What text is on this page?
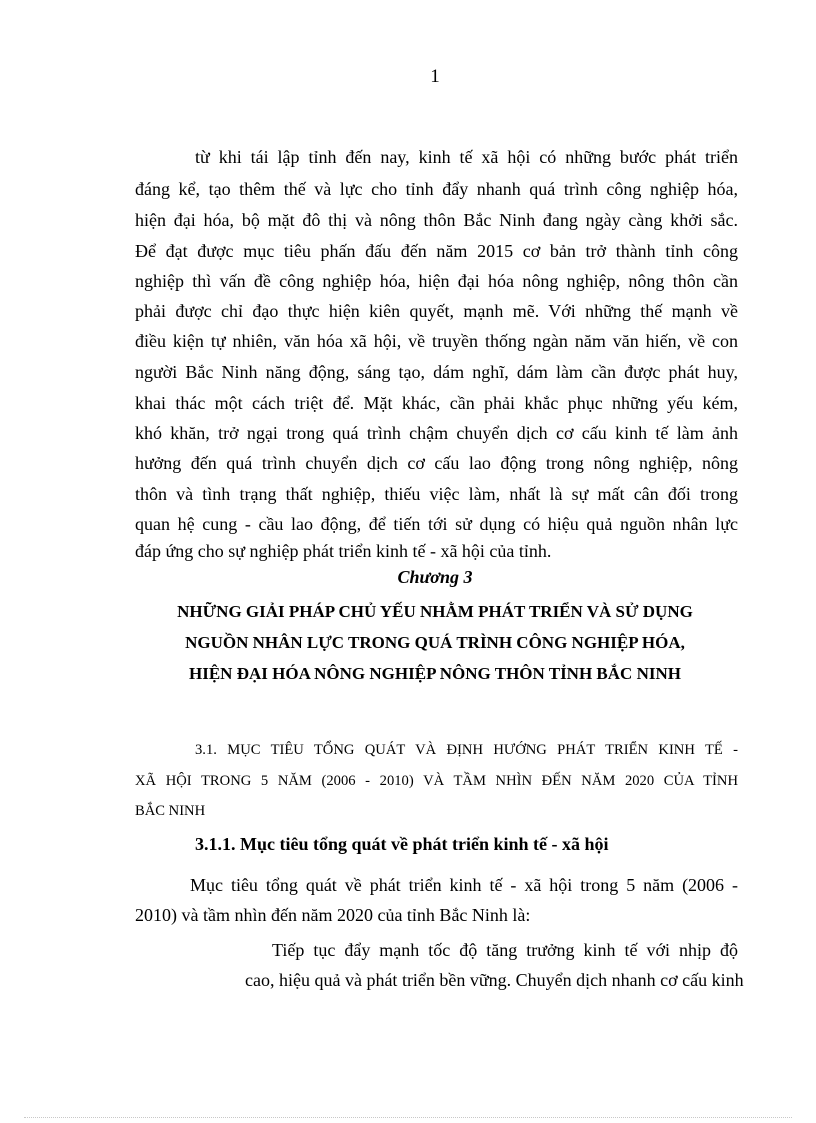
1
từ khi tái lập tỉnh đến nay, kinh tế xã hội có những bước phát triển
đáng kể, tạo thêm thế và lực cho tỉnh đẩy nhanh quá trình công nghiệp hóa,
hiện đại hóa, bộ mặt đô thị và nông thôn Bắc Ninh đang ngày càng khởi sắc.
Để đạt được mục tiêu phấn đấu đến năm 2015 cơ bản trở thành tỉnh công
nghiệp thì vấn đề công nghiệp hóa, hiện đại hóa nông nghiệp, nông thôn cần
phải được chỉ đạo thực hiện kiên quyết, mạnh mẽ. Với những thế mạnh về
điều kiện tự nhiên, văn hóa xã hội, về truyền thống ngàn năm văn hiến, về con
người Bắc Ninh năng động, sáng tạo, dám nghĩ, dám làm cần được phát huy,
khai thác một cách triệt để. Mặt khác, cần phải khắc phục những yếu kém,
khó khăn, trở ngại trong quá trình chậm chuyển dịch cơ cấu kinh tế làm ảnh
hưởng đến quá trình chuyển dịch cơ cấu lao động trong nông nghiệp, nông
thôn và tình trạng thất nghiệp, thiếu việc làm, nhất là sự mất cân đối trong
quan hệ cung - cầu lao động, để tiến tới sử dụng có hiệu quả nguồn nhân lực
đáp ứng cho sự nghiệp phát triển kinh tế - xã hội của tỉnh.
Chương 3
NHỮNG GIẢI PHÁP CHỦ YẾU NHẰM PHÁT TRIỂN VÀ SỬ DỤNG
NGUỒN NHÂN LỰC TRONG QUÁ TRÌNH CÔNG NGHIỆP HÓA,
HIỆN ĐẠI HÓA NÔNG NGHIỆP NÔNG THÔN TỈNH BẮC NINH
3.1. MỤC TIÊU TỔNG QUÁT VÀ ĐỊNH HƯỚNG PHÁT TRIỂN KINH TẾ -
XÃ HỘI TRONG 5 NĂM (2006 - 2010) VÀ TẦM NHÌN ĐẾN NĂM 2020 CỦA TỈNH
BẮC NINH
3.1.1. Mục tiêu tổng quát về phát triển kinh tế - xã hội
Mục tiêu tổng quát về phát triển kinh tế - xã hội trong 5 năm (2006 -
2010) và tầm nhìn đến năm 2020 của tỉnh Bắc Ninh là:
Tiếp tục đẩy mạnh tốc độ tăng trưởng kinh tế với nhịp độ
cao, hiệu quả và phát triển bền vững. Chuyển dịch nhanh cơ cấu kinh
